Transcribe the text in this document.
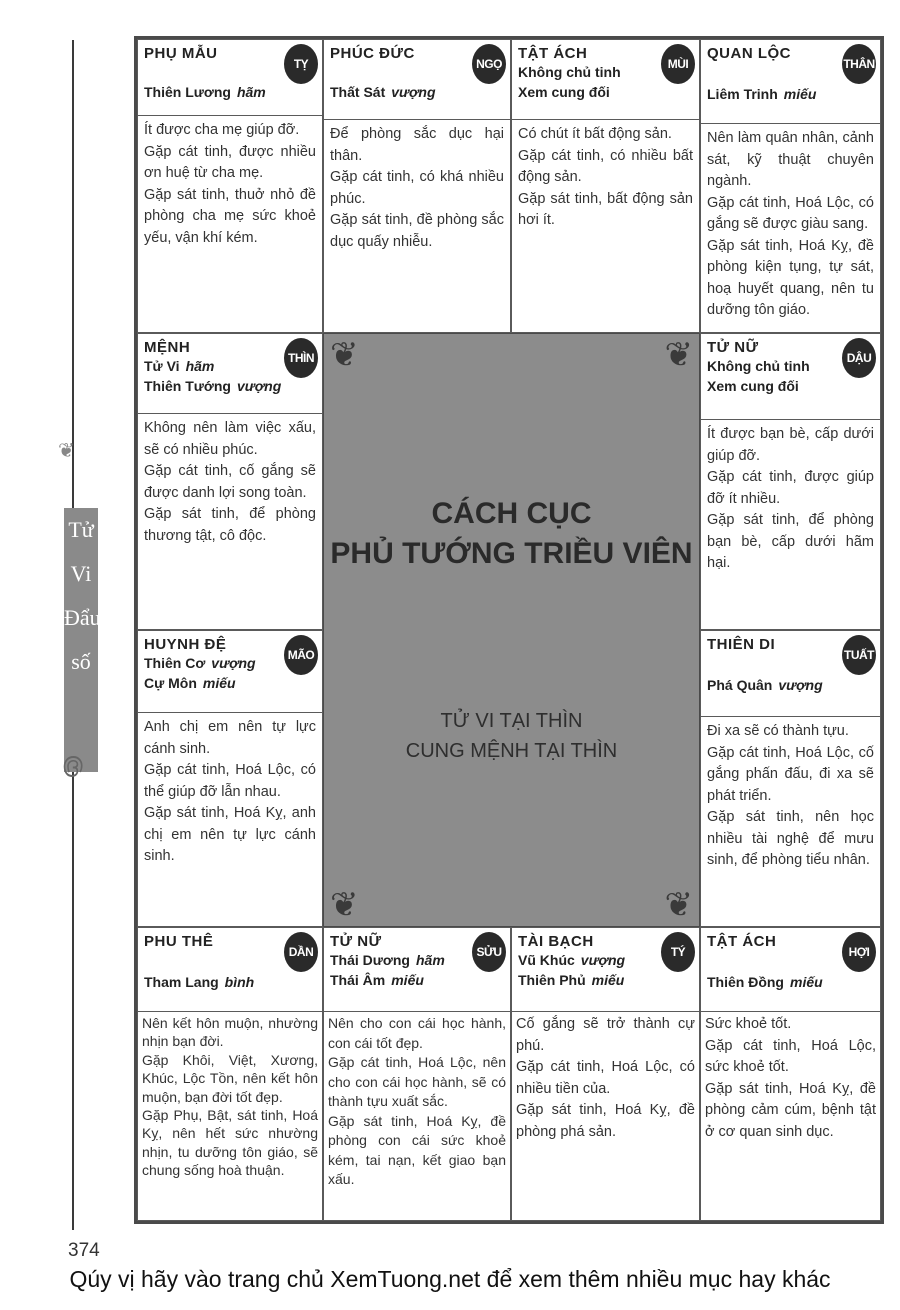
❦
Tử
Vi
Đẩu
số
൫
PHỤ MẪU
TỴ
Thiên Lương hãm

Ít được cha mẹ giúp đỡ.

Gặp cát tinh, được nhiều ơn huệ từ cha mẹ.

Gặp sát tinh, thuở nhỏ đề phòng cha mẹ sức khoẻ yếu, vận khí kém.

PHÚC ĐỨC
NGỌ
Thất Sát vượng

Để phòng sắc dục hại thân.

Gặp cát tinh, có khá nhiều phúc.

Gặp sát tinh, đề phòng sắc dục quấy nhiễu.

TẬT ÁCH
MÙI
Không chủ tinh
Xem cung đối

Có chút ít bất động sản.

Gặp cát tinh, có nhiều bất động sản.

Gặp sát tinh, bất động sản hơi ít.

QUAN LỘC
THÂN
Liêm Trinh miếu

Nên làm quân nhân, cảnh sát, kỹ thuật chuyên ngành.

Gặp cát tinh, Hoá Lộc, có gắng sẽ được giàu sang.

Gặp sát tinh, Hoá Kỵ, đề phòng kiện tụng, tự sát, hoạ huyết quang, nên tu dưỡng tôn giáo.

MỆNH
THÌN
Tử Vi hãm
Thiên Tướng vượng

Không nên làm việc xấu, sẽ có nhiều phúc.

Gặp cát tinh, cố gắng sẽ được danh lợi song toàn.

Gặp sát tinh, để phòng thương tật, cô độc.

TỬ NỮ
DẬU
Không chủ tinh
Xem cung đối

Ít được bạn bè, cấp dưới giúp đỡ.

Gặp cát tinh, được giúp đỡ ít nhiều.

Gặp sát tinh, để phòng bạn bè, cấp dưới hãm hại.

HUYNH ĐỆ
MÃO
Thiên Cơ vượng
Cự Môn miếu

Anh chị em nên tự lực cánh sinh.

Gặp cát tinh, Hoá Lộc, có thể giúp đỡ lẫn nhau.

Gặp sát tinh, Hoá Kỵ, anh chị em nên tự lực cánh sinh.

THIÊN DI
TUẤT
Phá Quân vượng

Đi xa sẽ có thành tựu.

Gặp cát tinh, Hoá Lộc, cố gắng phấn đấu, đi xa sẽ phát triển.

Gặp sát tinh, nên học nhiều tài nghệ để mưu sinh, để phòng tiểu nhân.

PHU THÊ
DẦN
Tham Lang bình

Nên kết hôn muộn, nhường nhịn bạn đời.

Gặp Khôi, Việt, Xương, Khúc, Lộc Tồn, nên kết hôn muộn, bạn đời tốt đẹp.

Gặp Phụ, Bật, sát tinh, Hoá Kỵ, nên hết sức nhường nhịn, tu dưỡng tôn giáo, sẽ chung sống hoà thuận.

TỬ NỮ
SỬU
Thái Dương hãm
Thái Âm miếu

Nên cho con cái học hành, con cái tốt đẹp.

Gặp cát tinh, Hoá Lộc, nên cho con cái học hành, sẽ có thành tựu xuất sắc.

Gặp sát tinh, Hoá Kỵ, đề phòng con cái sức khoẻ kém, tai nạn, kết giao bạn xấu.

TÀI BẠCH
TÝ
Vũ Khúc vượng
Thiên Phủ miếu

Cố gắng sẽ trở thành cự phú.

Gặp cát tinh, Hoá Lộc, có nhiều tiền của.

Gặp sát tinh, Hoá Kỵ, đề phòng phá sản.

TẬT ÁCH
HỢI
Thiên Đồng miếu

Sức khoẻ tốt.

Gặp cát tinh, Hoá Lộc, sức khoẻ tốt.

Gặp sát tinh, Hoá Kỵ, đề phòng cảm cúm, bệnh tật ở cơ quan sinh dục.

❦	❦
❦	❦
CÁCH CỤC
PHỦ TƯỚNG TRIỀU VIÊN
TỬ VI TẠI THÌN
CUNG MỆNH TẠI THÌN
374
Qúy vị hãy vào trang chủ XemTuong.net để xem thêm nhiều mục hay khác
